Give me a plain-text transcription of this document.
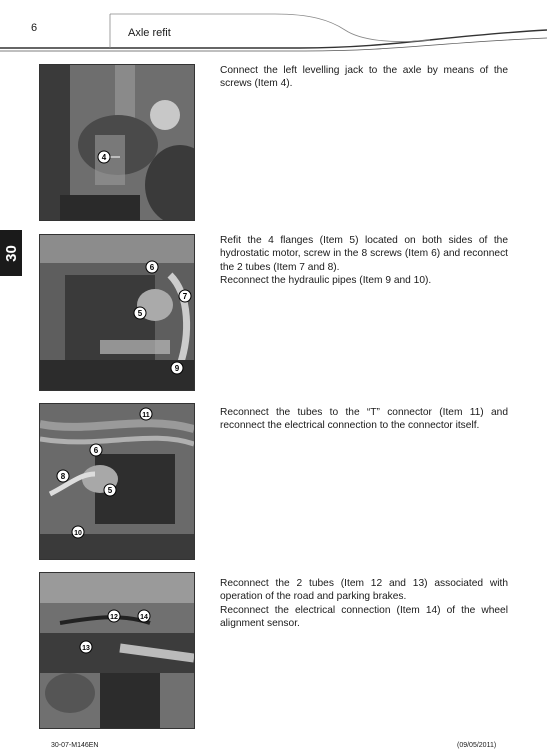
6	Axle refit
30
4

Connect the left levelling jack to the axle by means of the screws (Item 4).

6
7
5
9

Refit the 4 flanges (Item 5) located on both sides of the hydrostatic motor, screw in the 8 screws (Item 6) and reconnect the 2 tubes (Item 7 and 8).

Reconnect the hydraulic pipes (Item 9 and 10).

11
6
8
5
10

Reconnect the tubes to the “T” connector (Item 11) and reconnect the electrical connection to the connector itself.

12	14
13

Reconnect the 2 tubes (Item 12 and 13) associated with operation of the road and parking brakes.

Reconnect the electrical connection (Item 14) of the wheel alignment sensor.

30-07-M146EN	(09/05/2011)
